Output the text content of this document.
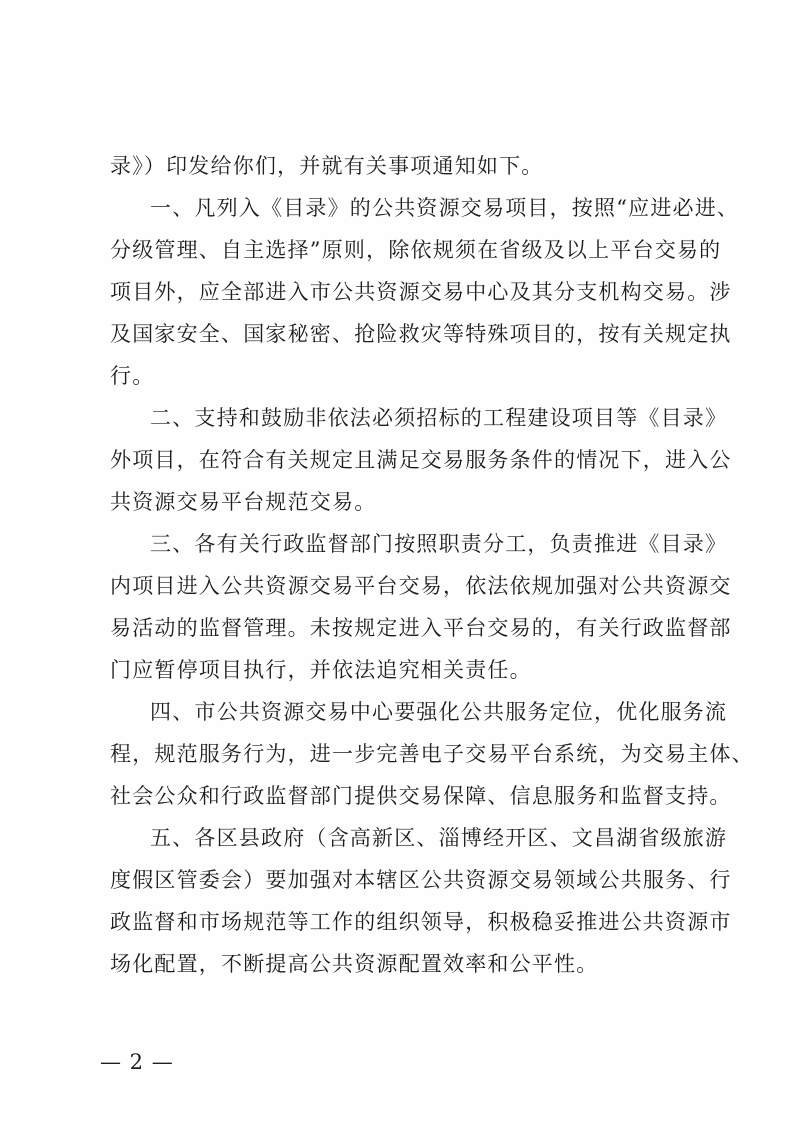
录》）印发给你们，并就有关事项通知如下。
一、凡列入《目录》的公共资源交易项目，按照“应进必进、
分级管理、自主选择”原则，除依规须在省级及以上平台交易的
项目外，应全部进入市公共资源交易中心及其分支机构交易。涉
及国家安全、国家秘密、抢险救灾等特殊项目的，按有关规定执
行。
二、支持和鼓励非依法必须招标的工程建设项目等《目录》
外项目，在符合有关规定且满足交易服务条件的情况下，进入公
共资源交易平台规范交易。
三、各有关行政监督部门按照职责分工，负责推进《目录》
内项目进入公共资源交易平台交易，依法依规加强对公共资源交
易活动的监督管理。未按规定进入平台交易的，有关行政监督部
门应暂停项目执行，并依法追究相关责任。
四、市公共资源交易中心要强化公共服务定位，优化服务流
程，规范服务行为，进一步完善电子交易平台系统，为交易主体、
社会公众和行政监督部门提供交易保障、信息服务和监督支持。
五、各区县政府（含高新区、淄博经开区、文昌湖省级旅游
度假区管委会）要加强对本辖区公共资源交易领域公共服务、行
政监督和市场规范等工作的组织领导，积极稳妥推进公共资源市
场化配置，不断提高公共资源配置效率和公平性。
— 2 —
